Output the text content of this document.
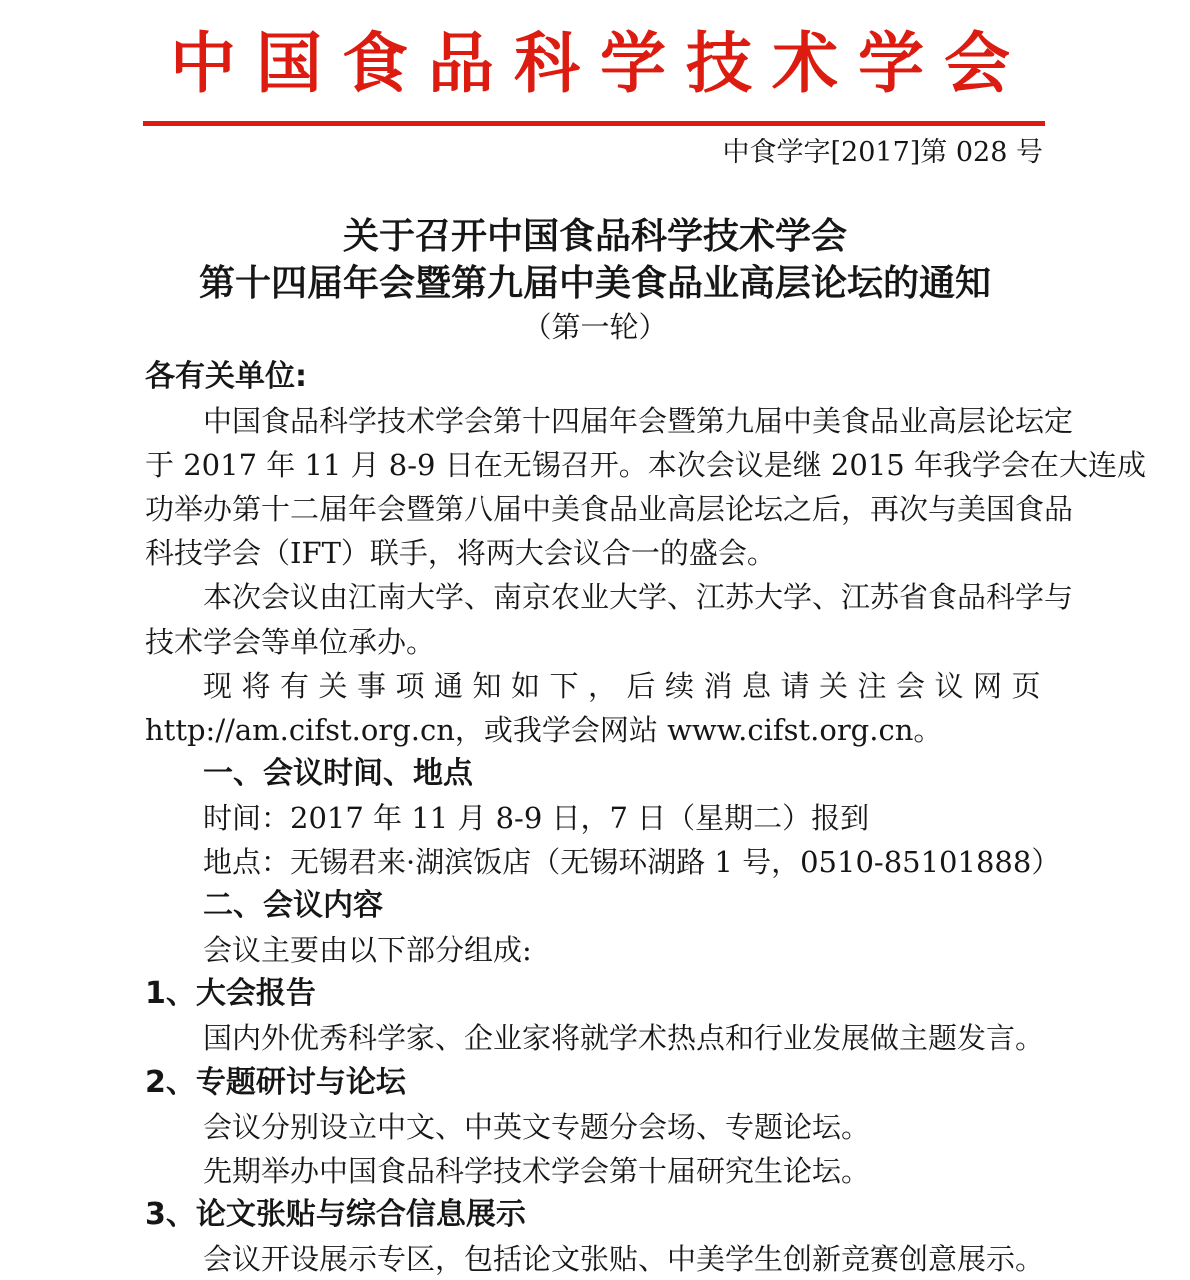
中国食品科学技术学会
中食学字[2017]第 028 号
关于召开中国食品科学技术学会
第十四届年会暨第九届中美食品业高层论坛的通知
（第一轮）
各有关单位:
中国食品科学技术学会第十四届年会暨第九届中美食品业高层论坛定
于 2017 年 11 月 8-9 日在无锡召开。本次会议是继 2015 年我学会在大连成
功举办第十二届年会暨第八届中美食品业高层论坛之后，再次与美国食品
科技学会（IFT）联手，将两大会议合一的盛会。
本次会议由江南大学、南京农业大学、江苏大学、江苏省食品科学与
技术学会等单位承办。
现将有关事项通知如下，后续消息请关注会议网页
http://am.cifst.org.cn，或我学会网站 www.cifst.org.cn。
一、会议时间、地点
时间：2017 年 11 月 8-9 日，7 日（星期二）报到
地点：无锡君来·湖滨饭店（无锡环湖路 1 号，0510-85101888）
二、会议内容
会议主要由以下部分组成:
1、大会报告
国内外优秀科学家、企业家将就学术热点和行业发展做主题发言。
2、专题研讨与论坛
会议分别设立中文、中英文专题分会场、专题论坛。
先期举办中国食品科学技术学会第十届研究生论坛。
3、论文张贴与综合信息展示
会议开设展示专区，包括论文张贴、中美学生创新竞赛创意展示。
